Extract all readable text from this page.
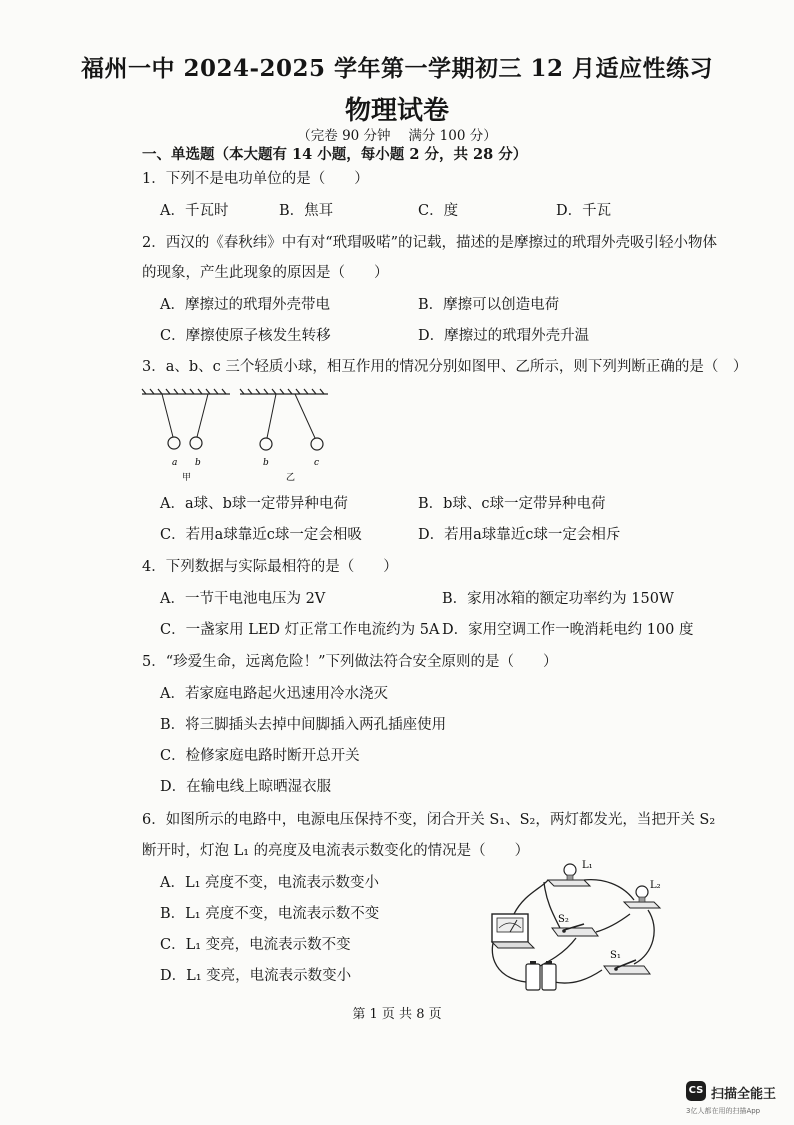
福州一中 2024-2025 学年第一学期初三 12 月适应性练习
物理试卷
（完卷 90 分钟　 满分 100 分）
一、单选题（本大题有 14 小题，每小题 2 分，共 28 分）
1．下列不是电功单位的是（　　）
A．千瓦时	B．焦耳	C．度	D．千瓦
2．西汉的《春秋纬》中有对“玳瑁吸喏”的记载，描述的是摩擦过的玳瑁外壳吸引轻小物体
的现象，产生此现象的原因是（　　）
A．摩擦过的玳瑁外壳带电	B．摩擦可以创造电荷
C．摩擦使原子核发生转移	D．摩擦过的玳瑁外壳升温
3．a、b、c 三个轻质小球，相互作用的情况分别如图甲、乙所示，则下列判断正确的是（　）
a b
甲
b	c
乙
A．a球、b球一定带异种电荷	B．b球、c球一定带异种电荷
C．若用a球靠近c球一定会相吸	D．若用a球靠近c球一定会相斥
4．下列数据与实际最相符的是（　　）
A．一节干电池电压为 2V	B．家用冰箱的额定功率约为 150W
C．一盏家用 LED 灯正常工作电流约为 5A D．家用空调工作一晚消耗电约 100 度
5．“珍爱生命，远离危险！”下列做法符合安全原则的是（　　）
A．若家庭电路起火迅速用冷水浇灭
B．将三脚插头去掉中间脚插入两孔插座使用
C．检修家庭电路时断开总开关
D．在输电线上晾晒湿衣服
6．如图所示的电路中，电源电压保持不变，闭合开关 S₁、S₂，两灯都发光，当把开关 S₂
断开时，灯泡 L₁ 的亮度及电流表示数变化的情况是（　　）
A．L₁ 亮度不变，电流表示数变小
B．L₁ 亮度不变，电流表示数不变
C．L₁ 变亮，电流表示数不变
D．L₁ 变亮，电流表示数变小
L₁
L₂
S₂
S₁
第 1 页 共 8 页
CS 扫描全能王
3亿人都在用的扫描App
